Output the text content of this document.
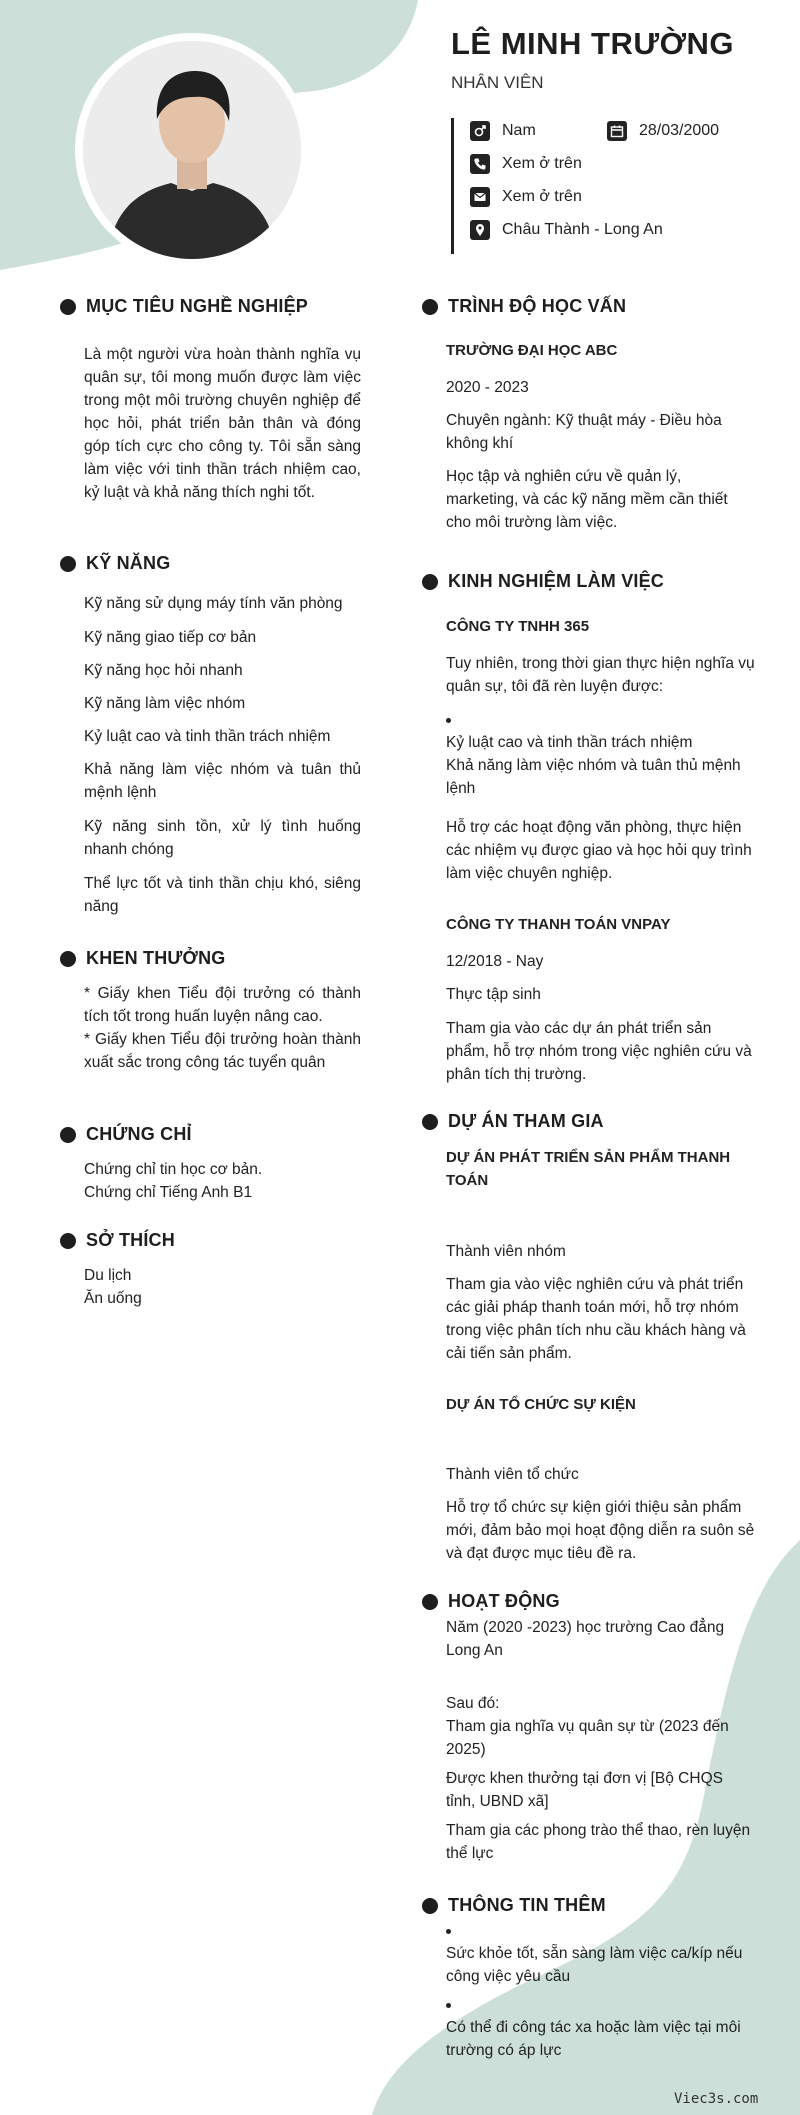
LÊ MINH TRƯỜNG
NHÂN VIÊN
Nam	28/03/2000
Xem ở trên
Xem ở trên
Châu Thành - Long An
MỤC TIÊU NGHỀ NGHIỆP
Là một người vừa hoàn thành nghĩa vụ quân sự, tôi mong muốn được làm việc trong một môi trường chuyên nghiệp để học hỏi, phát triển bản thân và đóng góp tích cực cho công ty. Tôi sẵn sàng làm việc với tinh thần trách nhiệm cao, kỷ luật và khả năng thích nghi tốt.
KỸ NĂNG
Kỹ năng sử dụng máy tính văn phòng
Kỹ năng giao tiếp cơ bản
Kỹ năng học hỏi nhanh
Kỹ năng làm việc nhóm
Kỷ luật cao và tinh thần trách nhiệm
Khả năng làm việc nhóm và tuân thủ mệnh lệnh
Kỹ năng sinh tồn, xử lý tình huống nhanh chóng
Thể lực tốt và tinh thần chịu khó, siêng năng
KHEN THƯỞNG
* Giấy khen Tiểu đội trưởng có thành tích tốt trong huấn luyện nâng cao.
* Giấy khen Tiểu đội trưởng hoàn thành xuất sắc trong công tác tuyển quân
CHỨNG CHỈ
Chứng chỉ tin học cơ bản.
Chứng chỉ Tiếng Anh B1
SỞ THÍCH
Du lịch
Ăn uống
TRÌNH ĐỘ HỌC VẤN
TRƯỜNG ĐẠI HỌC ABC
2020 - 2023
Chuyên ngành: Kỹ thuật máy - Điều hòa không khí
Học tập và nghiên cứu về quản lý, marketing, và các kỹ năng mềm cần thiết cho môi trường làm việc.
KINH NGHIỆM LÀM VIỆC
CÔNG TY TNHH 365
Tuy nhiên, trong thời gian thực hiện nghĩa vụ quân sự, tôi đã rèn luyện được:
Kỷ luật cao và tinh thần trách nhiệm
Khả năng làm việc nhóm và tuân thủ mệnh lệnh
Hỗ trợ các hoạt động văn phòng, thực hiện các nhiệm vụ được giao và học hỏi quy trình làm việc chuyên nghiệp.
CÔNG TY THANH TOÁN VNPAY
12/2018 - Nay
Thực tập sinh
Tham gia vào các dự án phát triển sản phẩm, hỗ trợ nhóm trong việc nghiên cứu và phân tích thị trường.
DỰ ÁN THAM GIA
DỰ ÁN PHÁT TRIỂN SẢN PHẨM THANH TOÁN
Thành viên nhóm
Tham gia vào việc nghiên cứu và phát triển các giải pháp thanh toán mới, hỗ trợ nhóm trong việc phân tích nhu cầu khách hàng và cải tiến sản phẩm.
DỰ ÁN TỔ CHỨC SỰ KIỆN
Thành viên tổ chức
Hỗ trợ tổ chức sự kiện giới thiệu sản phẩm mới, đảm bảo mọi hoạt động diễn ra suôn sẻ và đạt được mục tiêu đề ra.
HOẠT ĐỘNG
Năm (2020 -2023) học trường Cao đẳng Long An
Sau đó:
Tham gia nghĩa vụ quân sự từ (2023 đến 2025)
Được khen thưởng tại đơn vị [Bộ CHQS tỉnh, UBND xã]
Tham gia các phong trào thể thao, rèn luyện thể lực
THÔNG TIN THÊM
Sức khỏe tốt, sẵn sàng làm việc ca/kíp nếu công việc yêu cầu
Có thể đi công tác xa hoặc làm việc tại môi trường có áp lực
Viec3s.com
